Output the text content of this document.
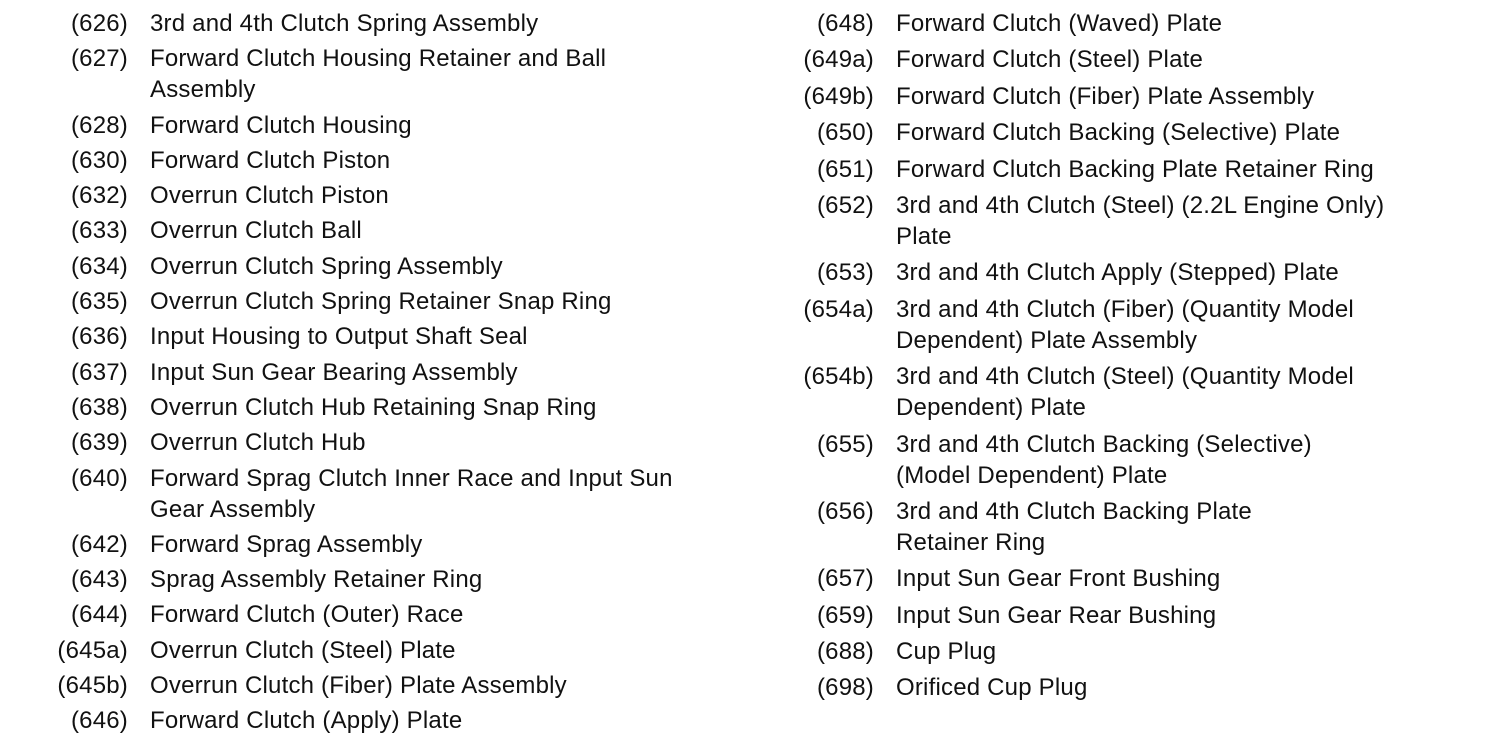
(626) 3rd and 4th Clutch Spring Assembly
(627) Forward Clutch Housing Retainer and Ball Assembly
(628) Forward Clutch Housing
(630) Forward Clutch Piston
(632) Overrun Clutch Piston
(633) Overrun Clutch Ball
(634) Overrun Clutch Spring Assembly
(635) Overrun Clutch Spring Retainer Snap Ring
(636) Input Housing to Output Shaft Seal
(637) Input Sun Gear Bearing Assembly
(638) Overrun Clutch Hub Retaining Snap Ring
(639) Overrun Clutch Hub
(640) Forward Sprag Clutch Inner Race and Input Sun Gear Assembly
(642) Forward Sprag Assembly
(643) Sprag Assembly Retainer Ring
(644) Forward Clutch (Outer) Race
(645a) Overrun Clutch (Steel) Plate
(645b) Overrun Clutch (Fiber) Plate Assembly
(646) Forward Clutch (Apply) Plate
(648) Forward Clutch (Waved) Plate
(649a) Forward Clutch (Steel) Plate
(649b) Forward Clutch (Fiber) Plate Assembly
(650) Forward Clutch Backing (Selective) Plate
(651) Forward Clutch Backing Plate Retainer Ring
(652) 3rd and 4th Clutch (Steel) (2.2L Engine Only) Plate
(653) 3rd and 4th Clutch Apply (Stepped) Plate
(654a) 3rd and 4th Clutch (Fiber) (Quantity Model Dependent) Plate Assembly
(654b) 3rd and 4th Clutch (Steel) (Quantity Model Dependent) Plate
(655) 3rd and 4th Clutch Backing (Selective) (Model Dependent) Plate
(656) 3rd and 4th Clutch Backing Plate Retainer Ring
(657) Input Sun Gear Front Bushing
(659) Input Sun Gear Rear Bushing
(688) Cup Plug
(698) Orificed Cup Plug
